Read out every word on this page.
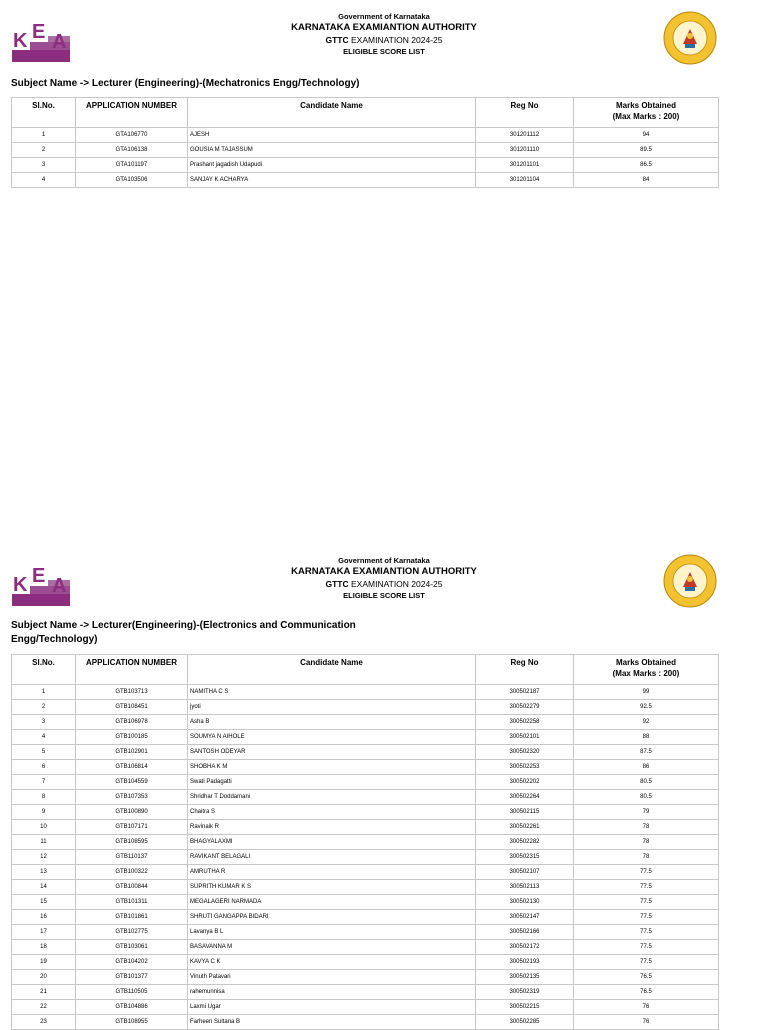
K E A
Government of Karnataka
KARNATAKA EXAMIANTION AUTHORITY
GTTC EXAMINATION 2024-25
ELIGIBLE SCORE LIST
Subject Name -> Lecturer (Engineering)-(Mechatronics Engg/Technology)
Sl.No.	APPLICATION NUMBER	Candidate Name	Reg No	Marks Obtained
(Max Marks : 200)
1	GTA106770	AJESH	301201112	94
2	GTA106138	GOUSIA M TAJASSUM	301201110	89.5
3	GTA101197	Prashant jagadish Udapudi	301201101	86.5
4	GTA103506	SANJAY K ACHARYA	301201104	84
K E A
Government of Karnataka
KARNATAKA EXAMIANTION AUTHORITY
GTTC EXAMINATION 2024-25
ELIGIBLE SCORE LIST
Subject Name -> Lecturer(Engineering)-(Electronics and Communication Engg/Technology)
Sl.No.	APPLICATION NUMBER	Candidate Name	Reg No	Marks Obtained
(Max Marks : 200)
1	GTB103713	NAMITHA C S	300502187	99
2	GTB108451	jyoti	300502279	92.5
3	GTB106978	Asha B	300502258	92
4	GTB100185	SOUMYA N AIHOLE	300502101	88
5	GTB102901	SANTOSH ODEYAR	300502320	87.5
6	GTB106814	SHOBHA K M	300502253	86
7	GTB104559	Swati Padagatti	300502202	80.5
8	GTB107353	Shridhar T Doddamani	300502264	80.5
9	GTB100890	Chaitra S	300502115	79
10	GTB107171	Ravinaik R	300502261	78
11	GTB108595	BHAGYALAXMI	300502282	78
12	GTB110137	RAVIKANT BELAGALI	300502315	78
13	GTB100322	AMRUTHA R	300502107	77.5
14	GTB100844	SUPRITH KUMAR K S	300502113	77.5
15	GTB101311	MEGALAGERI NARMADA	300502130	77.5
16	GTB101861	SHRUTI GANGAPPA BIDARI	300502147	77.5
17	GTB102775	Lavanya B L	300502166	77.5
18	GTB103061	BASAVANNA M	300502172	77.5
19	GTB104202	KAVYA C K	300502193	77.5
20	GTB101377	Vinuth Patavari	300502135	76.5
21	GTB110505	rahemunnisa	300502319	76.5
22	GTB104886	Laxmi Ugar	300502215	76
23	GTB108955	Farheen Sultana B	300502285	76
